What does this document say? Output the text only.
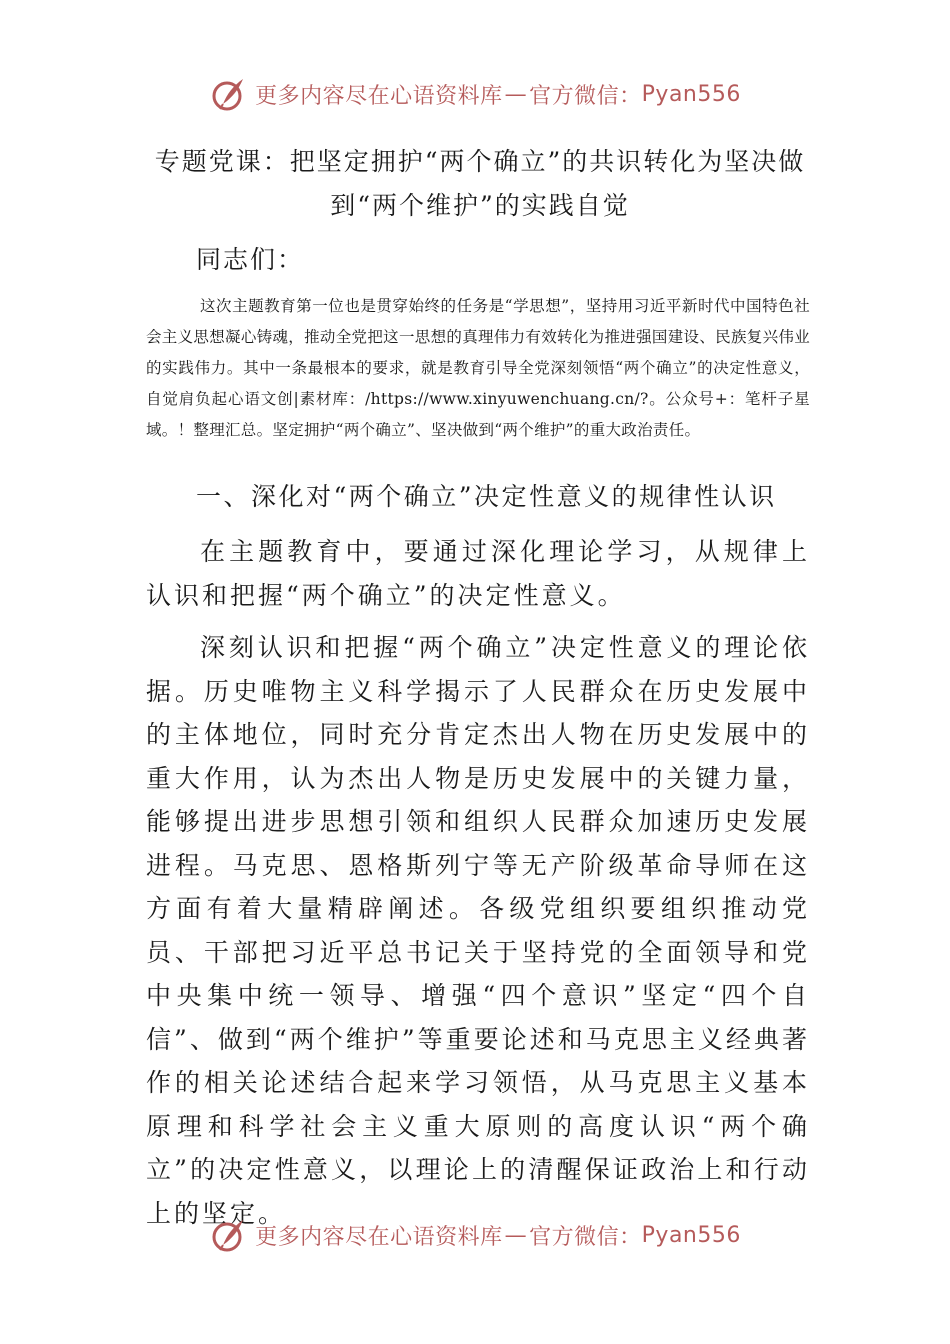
更多内容尽在心语资料库 — 官方微信： Pyan556
专题党课：把坚定拥护“两个确立”的共识转化为坚决做
到“两个维护”的实践自觉
同志们：

这次主题教育第一位也是贯穿始终的任务是“学思想”，坚持用习近平新时代中国特色社会主义思想凝心铸魂，推动全党把这一思想的真理伟力有效转化为推进强国建设、民族复兴伟业的实践伟力。其中一条最根本的要求，就是教育引导全党深刻领悟“两个确立”的决定性意义，自觉肩负起心语文创|素材库：/https://www.xinyuwenchuang.cn/?。公众号+：笔杆子星域。！整理汇总。坚定拥护“两个确立”、坚决做到“两个维护”的重大政治责任。

一、深化对“两个确立”决定性意义的规律性认识

在主题教育中，要通过深化理论学习，从规律上认识和把握“两个确立”的决定性意义。

深刻认识和把握“两个确立”决定性意义的理论依据。历史唯物主义科学揭示了人民群众在历史发展中的主体地位，同时充分肯定杰出人物在历史发展中的重大作用，认为杰出人物是历史发展中的关键力量，能够提出进步思想引领和组织人民群众加速历史发展进程。马克思、恩格斯列宁等无产阶级革命导师在这方面有着大量精辟阐述。各级党组织要组织推动党员、干部把习近平总书记关于坚持党的全面领导和党中央集中统一领导、增强“四个意识”坚定“四个自信”、做到“两个维护”等重要论述和马克思主义经典著作的相关论述结合起来学习领悟，从马克思主义基本原理和科学社会主义重大原则的高度认识“两个确立”的决定性意义，以理论上的清醒保证政治上和行动上的坚定。

更多内容尽在心语资料库 — 官方微信： Pyan556
